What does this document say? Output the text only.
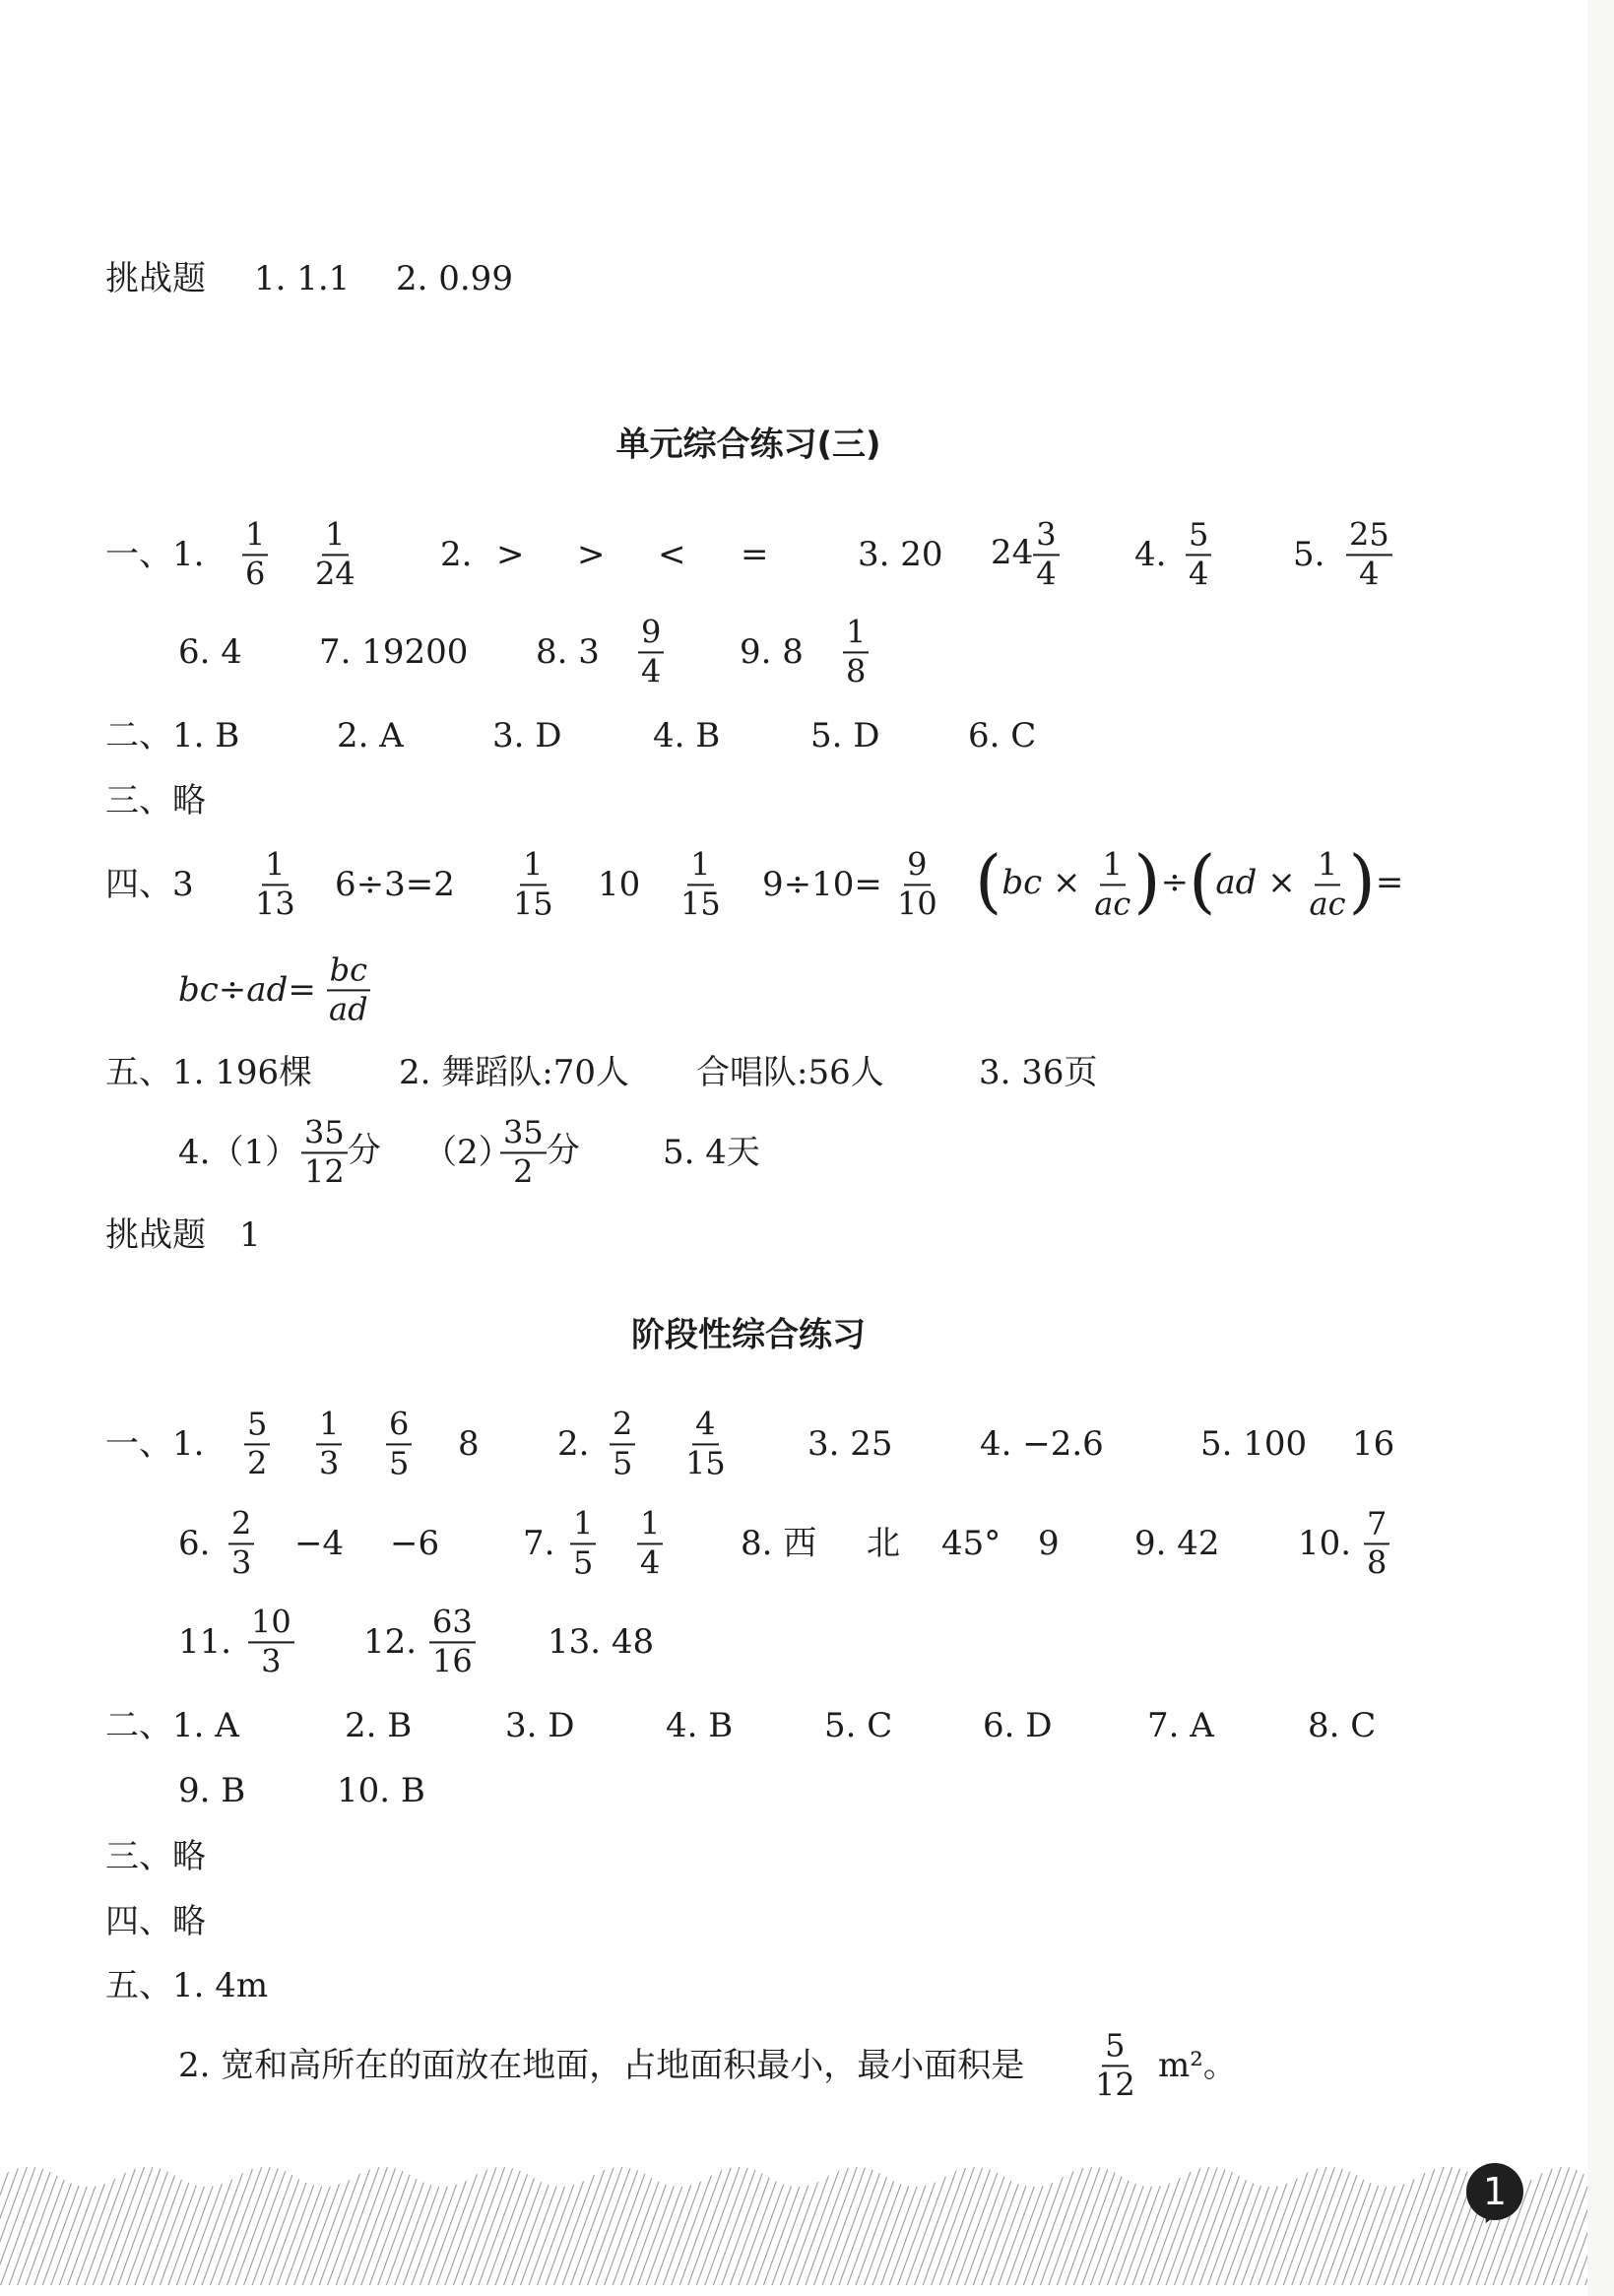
挑战题 1. 1.1 2. 0.99
单元综合练习(三)
一、1. $\frac{1}{6} \frac{1}{24} 2$. > > < =	3. 20 $24 \frac{3}{4} 4$. $\frac{5}{4} 5$. $\frac{25}{4}$
6. 4 7. 19200 8. $3 \frac{9}{4} 9$. $8 \frac{1}{8}$
二、1. B	2. A	3. D	4. B	5. D	6. C
三、略
四、$3 \frac{1}{13} 6\div 3=2 \frac{1}{15} 10 \frac{1}{15} 9\div 10= \frac{9}{10} (bc \times \frac{1}{ac} )\div(ad \times \frac{1}{ac}$ )=
$bc\div ad= \frac{bc}{ad}$
五、1. 196棵	2. 舞蹈队:70人 合唱队:56人	3. 36页
$4.(1) \frac{35}{12}$ 分 （2）
$\frac{35}{2}$ 分 5. 4天
挑战题　1
阶段性综合练习
一、1. $\frac{5}{2} \frac{1}{3} \frac{6}{5} 8$ 2. $\frac{2}{5} \frac{4}{15} 3$. 25	4. −2.6	5. 100 16
6. $\frac{2}{3} -4 -6$ 7. $\frac{1}{5} \frac{1}{4} 8$. 西 北 45° 9 9. 42 10. $\frac{7}{8}$
11. $\frac{10}{3} 12$. $\frac{63}{16} 13$. 48
二、1. A	2. B	3. D	4. B	5. C	6. D	7. A	8. C
9. B	10. B
三、略
四、略
五、1. 4m
2. 宽和高所在的面放在地面，占地面积最小，最小面积是 $\frac{5}{12} m^2$。
1
